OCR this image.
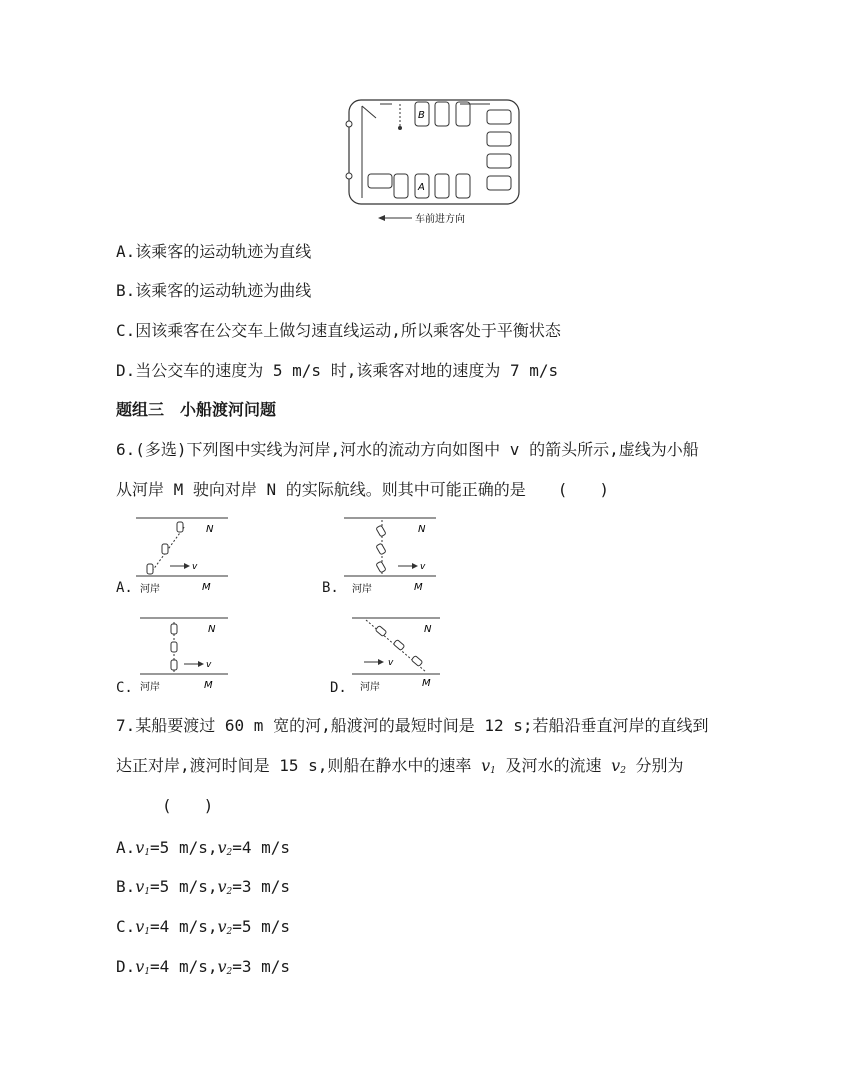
B
A
车前进方向
A.该乘客的运动轨迹为直线
B.该乘客的运动轨迹为曲线
C.因该乘客在公交车上做匀速直线运动,所以乘客处于平衡状态
D.当公交车的速度为 5 m/s 时,该乘客对地的速度为 7 m/s
题组三　小船渡河问题
6.(多选)下列图中实线为河岸,河水的流动方向如图中 v 的箭头所示,虚线为小船
从河岸 M 驶向对岸 N 的实际航线。则其中可能正确的是　　(　　)
A.
N
M
河岸
v
B.
N
M
河岸
v
C.
N
M
河岸
v
D.
N
M
河岸
v
7.某船要渡过 60 m 宽的河,船渡河的最短时间是 12 s;若船沿垂直河岸的直线到
达正对岸,渡河时间是 15 s,则船在静水中的速率 $v_1$ 及河水的流速 $v_2$ 分别为
(　　)
$A.v_1=5$ $m/s,v_2=4$ m/s
$B.v_1=5$ $m/s,v_2=3$ m/s
$C.v_1=4$ $m/s,v_2=5$ m/s
$D.v_1=4$ $m/s,v_2=3$ m/s
